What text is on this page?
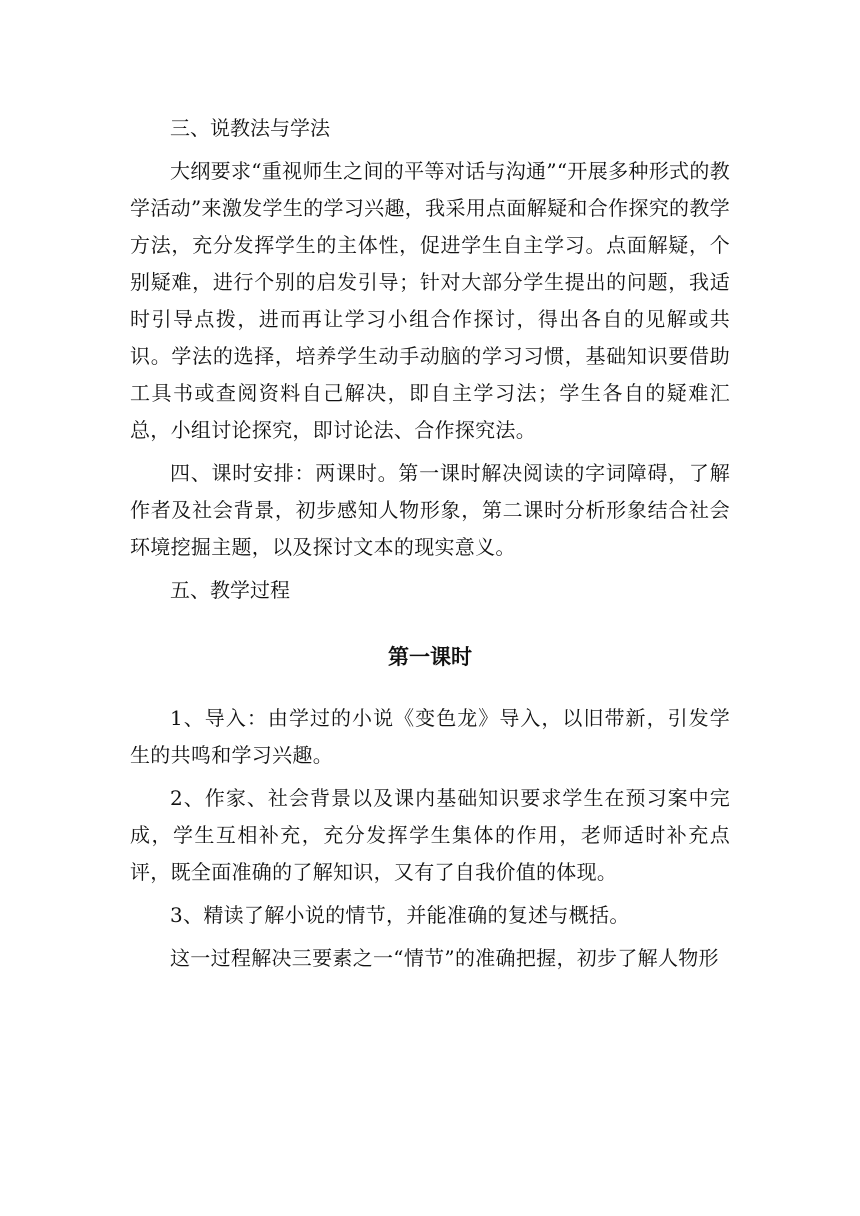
三、说教法与学法

大纲要求“重视师生之间的平等对话与沟通”“开展多种形式的教学活动”来激发学生的学习兴趣，我采用点面解疑和合作探究的教学方法，充分发挥学生的主体性，促进学生自主学习。点面解疑，个别疑难，进行个别的启发引导；针对大部分学生提出的问题，我适时引导点拨，进而再让学习小组合作探讨，得出各自的见解或共识。学法的选择，培养学生动手动脑的学习习惯，基础知识要借助工具书或查阅资料自己解决，即自主学习法；学生各自的疑难汇总，小组讨论探究，即讨论法、合作探究法。

四、课时安排：两课时。第一课时解决阅读的字词障碍，了解作者及社会背景，初步感知人物形象，第二课时分析形象结合社会环境挖掘主题，以及探讨文本的现实意义。

五、教学过程

第一课时

1、导入：由学过的小说《变色龙》导入，以旧带新，引发学生的共鸣和学习兴趣。

2、作家、社会背景以及课内基础知识要求学生在预习案中完成，学生互相补充，充分发挥学生集体的作用，老师适时补充点评，既全面准确的了解知识，又有了自我价值的体现。

3、精读了解小说的情节，并能准确的复述与概括。

这一过程解决三要素之一“情节”的准确把握，初步了解人物形
